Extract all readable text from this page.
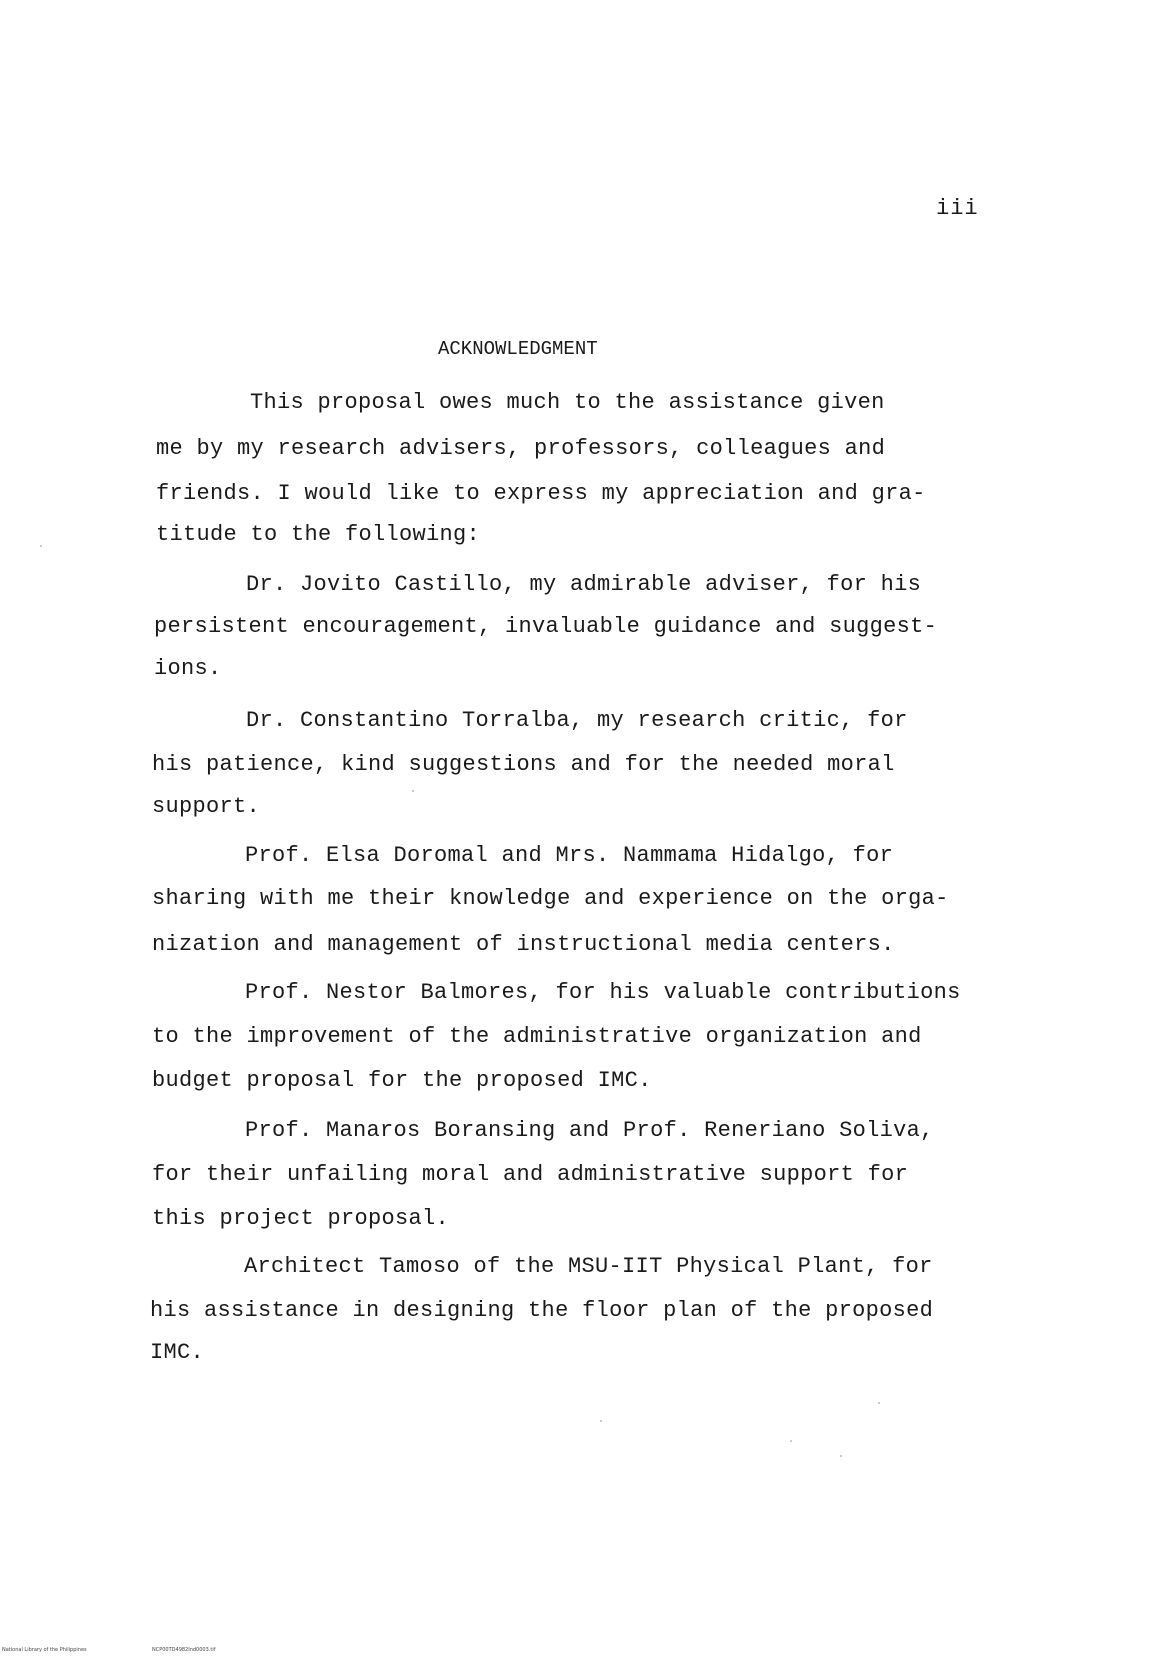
iii
ACKNOWLEDGMENT
This proposal owes much to the assistance given
me by my research advisers, professors, colleagues and
friends. I would like to express my appreciation and gra-
titude to the following:
Dr. Jovito Castillo, my admirable adviser, for his
persistent encouragement, invaluable guidance and suggest-
ions.
Dr. Constantino Torralba, my research critic, for
his patience, kind suggestions and for the needed moral
support.
Prof. Elsa Doromal and Mrs. Nammama Hidalgo, for
sharing with me their knowledge and experience on the orga-
nization and management of instructional media centers.
Prof. Nestor Balmores, for his valuable contributions
to the improvement of the administrative organization and
budget proposal for the proposed IMC.
Prof. Manaros Boransing and Prof. Reneriano Soliva,
for their unfailing moral and administrative support for
this project proposal.
Architect Tamoso of the MSU-IIT Physical Plant, for
his assistance in designing the floor plan of the proposed
IMC.
National Library of the Philippines	NCP00TD4982Ind0003.tif
